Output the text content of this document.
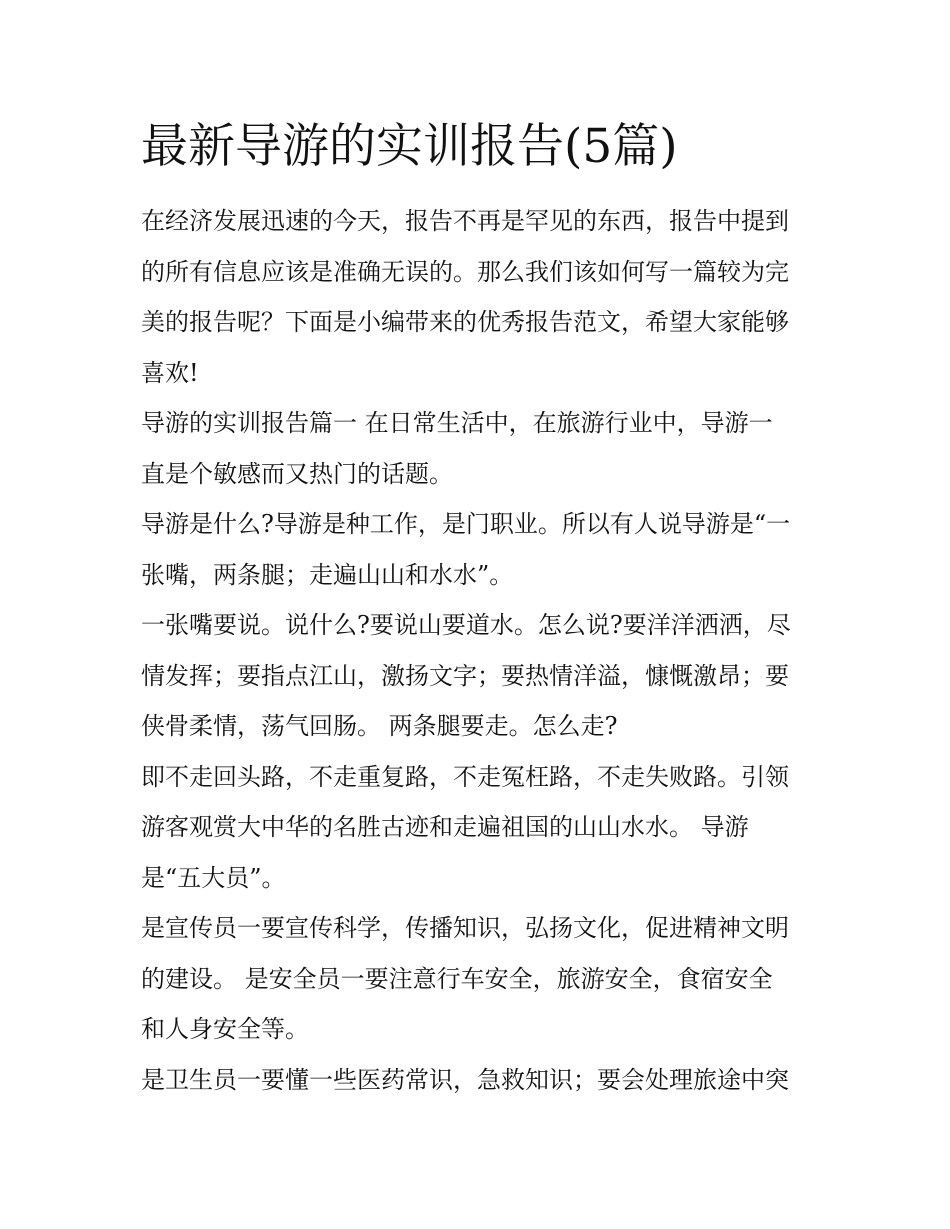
最新导游的实训报告(5篇)
在经济发展迅速的今天，报告不再是罕见的东西，报告中提到
的所有信息应该是准确无误的。那么我们该如何写一篇较为完
美的报告呢？下面是小编带来的优秀报告范文，希望大家能够
喜欢!
导游的实训报告篇一 在日常生活中，在旅游行业中，导游一
直是个敏感而又热门的话题。
导游是什么?导游是种工作，是门职业。所以有人说导游是“一
张嘴，两条腿；走遍山山和水水”。
一张嘴要说。说什么?要说山要道水。怎么说?要洋洋洒洒，尽
情发挥；要指点江山，激扬文字；要热情洋溢，慷慨激昂；要
侠骨柔情，荡气回肠。 两条腿要走。怎么走?
即不走回头路，不走重复路，不走冤枉路，不走失败路。引领
游客观赏大中华的名胜古迹和走遍祖国的山山水水。 导游
是“五大员”。
是宣传员一要宣传科学，传播知识，弘扬文化，促进精神文明
的建设。 是安全员一要注意行车安全，旅游安全，食宿安全
和人身安全等。
是卫生员一要懂一些医药常识，急救知识；要会处理旅途中突
